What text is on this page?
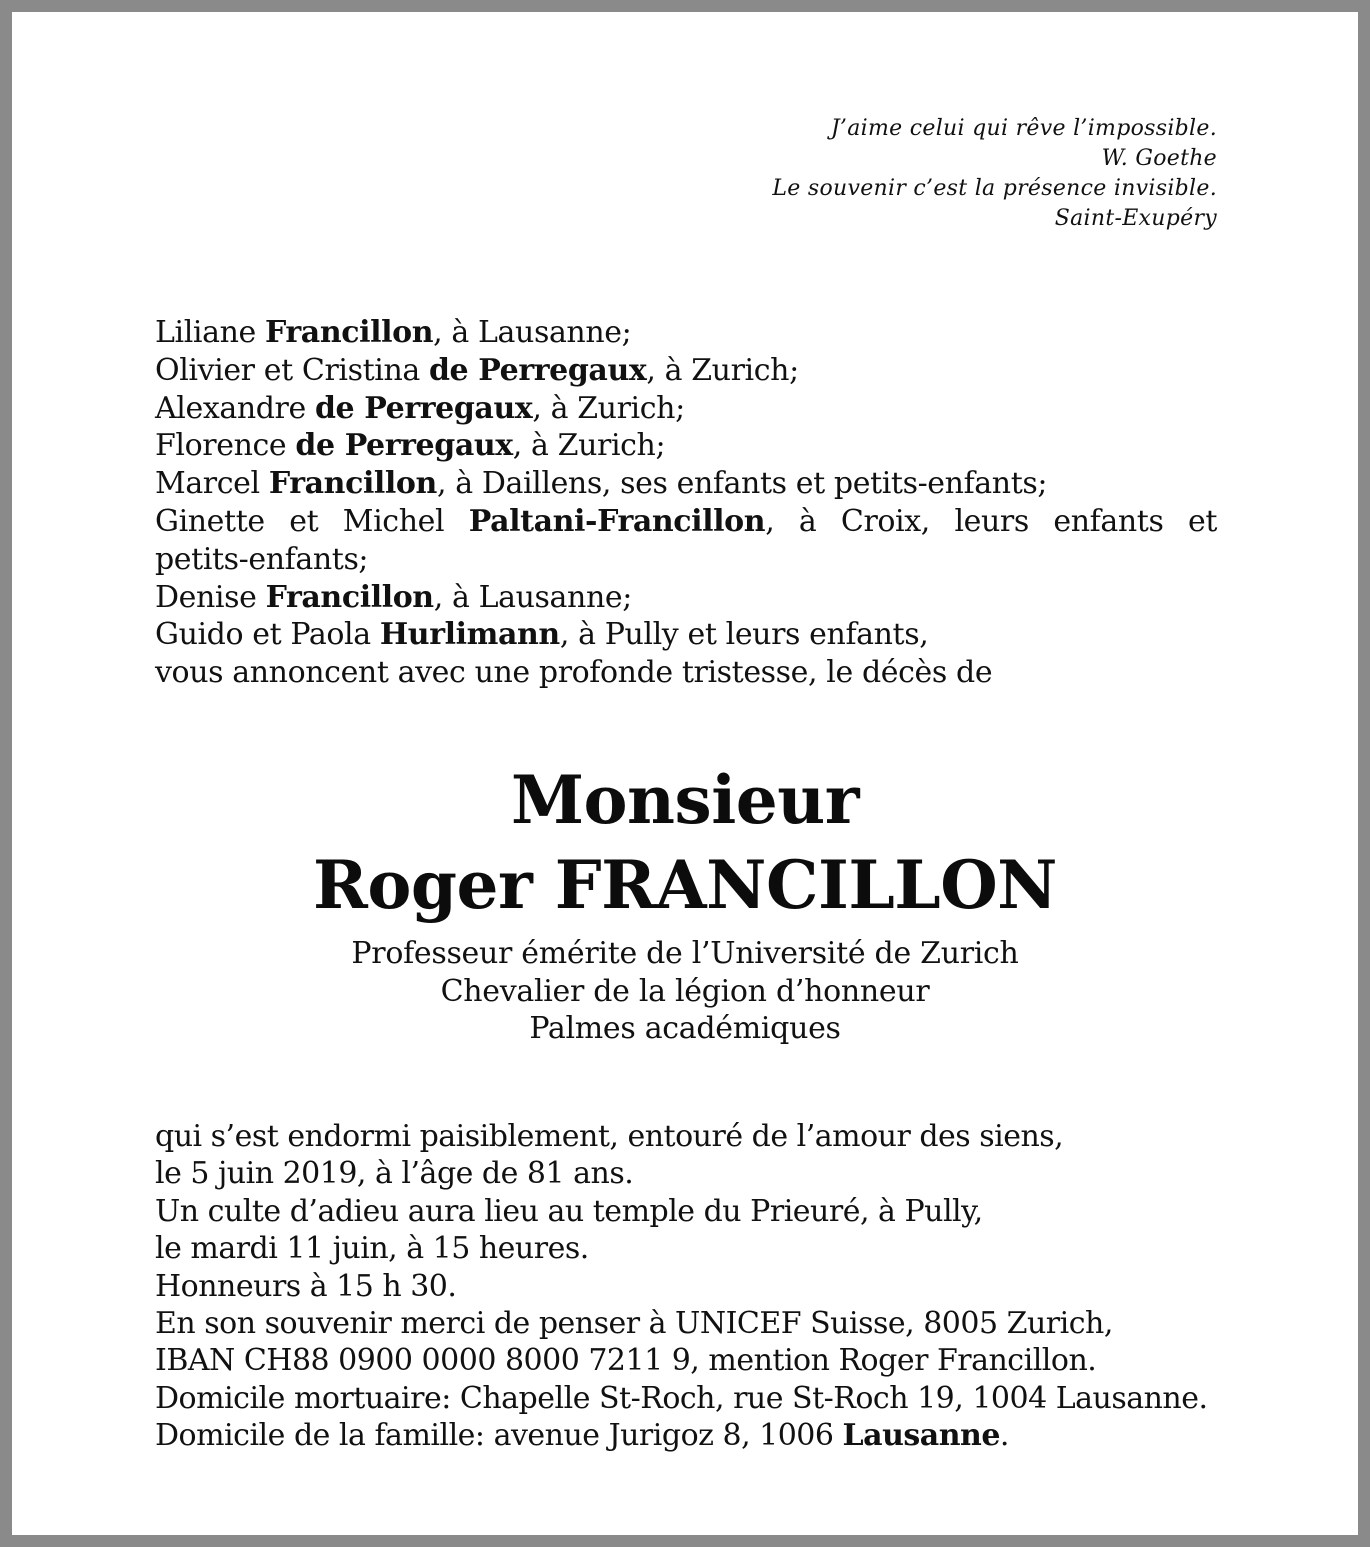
J’aime celui qui rêve l’impossible.
W. Goethe
Le souvenir c’est la présence invisible.
Saint-Exupéry
Liliane Francillon, à Lausanne;
Olivier et Cristina de Perregaux, à Zurich;
Alexandre de Perregaux, à Zurich;
Florence de Perregaux, à Zurich;
Marcel Francillon, à Daillens, ses enfants et petits-enfants;
Ginette et Michel Paltani-Francillon, à Croix, leurs enfants et
petits-enfants;
Denise Francillon, à Lausanne;
Guido et Paola Hurlimann, à Pully et leurs enfants,
vous annoncent avec une profonde tristesse, le décès de
Monsieur
Roger FRANCILLON
Professeur émérite de l’Université de Zurich
Chevalier de la légion d’honneur
Palmes académiques
qui s’est endormi paisiblement, entouré de l’amour des siens,
le 5 juin 2019, à l’âge de 81 ans.
Un culte d’adieu aura lieu au temple du Prieuré, à Pully,
le mardi 11 juin, à 15 heures.
Honneurs à 15 h 30.
En son souvenir merci de penser à UNICEF Suisse, 8005 Zurich,
IBAN CH88 0900 0000 8000 7211 9, mention Roger Francillon.
Domicile mortuaire: Chapelle St-Roch, rue St-Roch 19, 1004 Lausanne.
Domicile de la famille: avenue Jurigoz 8, 1006 Lausanne.
